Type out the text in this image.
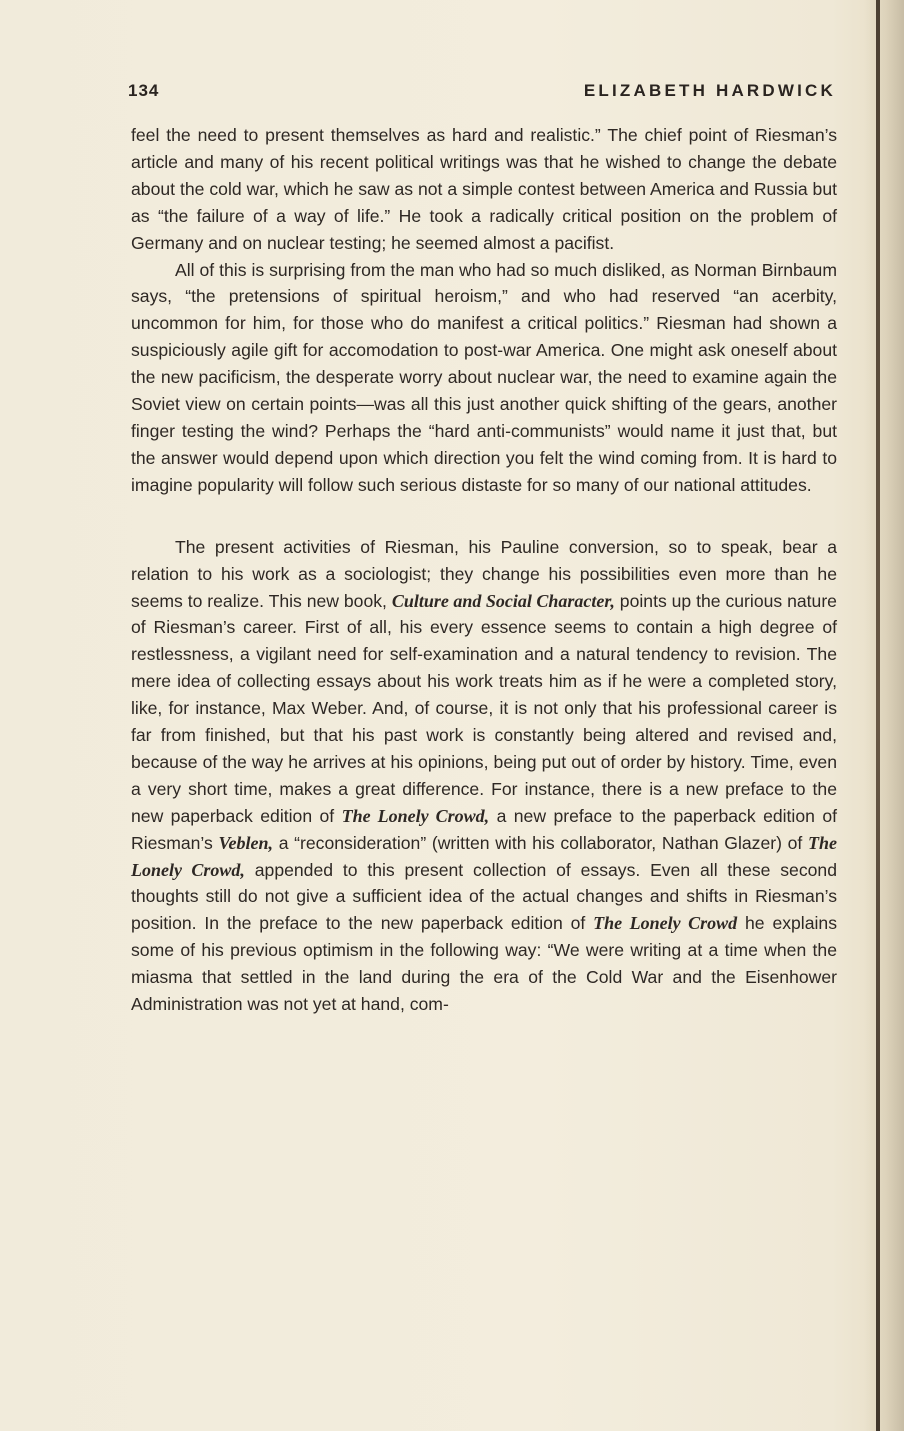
134	ELIZABETH HARDWICK

feel the need to present themselves as hard and realistic.” The chief point of Riesman’s article and many of his recent political writings was that he wished to change the debate about the cold war, which he saw as not a simple contest between America and Russia but as “the failure of a way of life.” He took a radically critical position on the problem of Germany and on nuclear testing; he seemed almost a pacifist.

All of this is surprising from the man who had so much disliked, as Norman Birnbaum says, “the pretensions of spiritual heroism,” and who had reserved “an acerbity, uncommon for him, for those who do manifest a critical politics.” Riesman had shown a suspiciously agile gift for accomodation to post-war America. One might ask oneself about the new pacificism, the desperate worry about nuclear war, the need to examine again the Soviet view on certain points—was all this just another quick shifting of the gears, another finger testing the wind? Perhaps the “hard anti-communists” would name it just that, but the answer would depend upon which direction you felt the wind coming from. It is hard to imagine popularity will follow such serious distaste for so many of our national attitudes.

The present activities of Riesman, his Pauline conversion, so to speak, bear a relation to his work as a sociologist; they change his possibilities even more than he seems to realize. This new book, Culture and Social Character, points up the curious nature of Riesman’s career. First of all, his every essence seems to contain a high degree of restlessness, a vigilant need for self-examination and a natural tendency to revision. The mere idea of collecting essays about his work treats him as if he were a completed story, like, for instance, Max Weber. And, of course, it is not only that his professional career is far from finished, but that his past work is constantly being altered and revised and, because of the way he arrives at his opinions, being put out of order by history. Time, even a very short time, makes a great difference. For instance, there is a new preface to the new paperback edition of The Lonely Crowd, a new preface to the paperback edition of Riesman’s Veblen, a “reconsideration” (written with his collaborator, Nathan Glazer) of The Lonely Crowd, appended to this present collection of essays. Even all these second thoughts still do not give a sufficient idea of the actual changes and shifts in Riesman’s position. In the preface to the new paperback edition of The Lonely Crowd he explains some of his previous optimism in the following way: “We were writing at a time when the miasma that settled in the land during the era of the Cold War and the Eisenhower Administration was not yet at hand, com-
